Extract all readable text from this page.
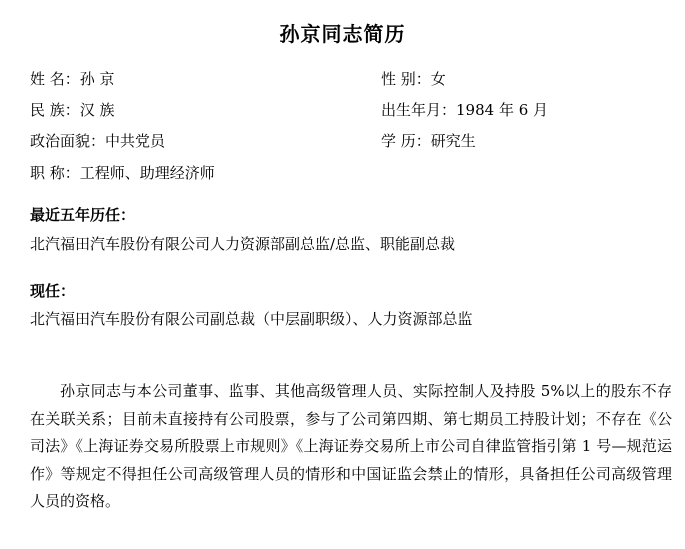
孙京同志简历
姓 名：孙 京	性 别：女
民 族：汉 族	出生年月：1984 年 6 月
政治面貌：中共党员	学 历：研究生
职 称：工程师、助理经济师
最近五年历任：
北汽福田汽车股份有限公司人力资源部副总监/总监、职能副总裁
现任：
北汽福田汽车股份有限公司副总裁（中层副职级）、人力资源部总监
孙京同志与本公司董事、监事、其他高级管理人员、实际控制人及持股 5%以上的股东不存在关联关系；目前未直接持有公司股票，参与了公司第四期、第七期员工持股计划；不存在《公司法》《上海证券交易所股票上市规则》《上海证券交易所上市公司自律监管指引第 1 号—规范运作》等规定不得担任公司高级管理人员的情形和中国证监会禁止的情形，具备担任公司高级管理人员的资格。
